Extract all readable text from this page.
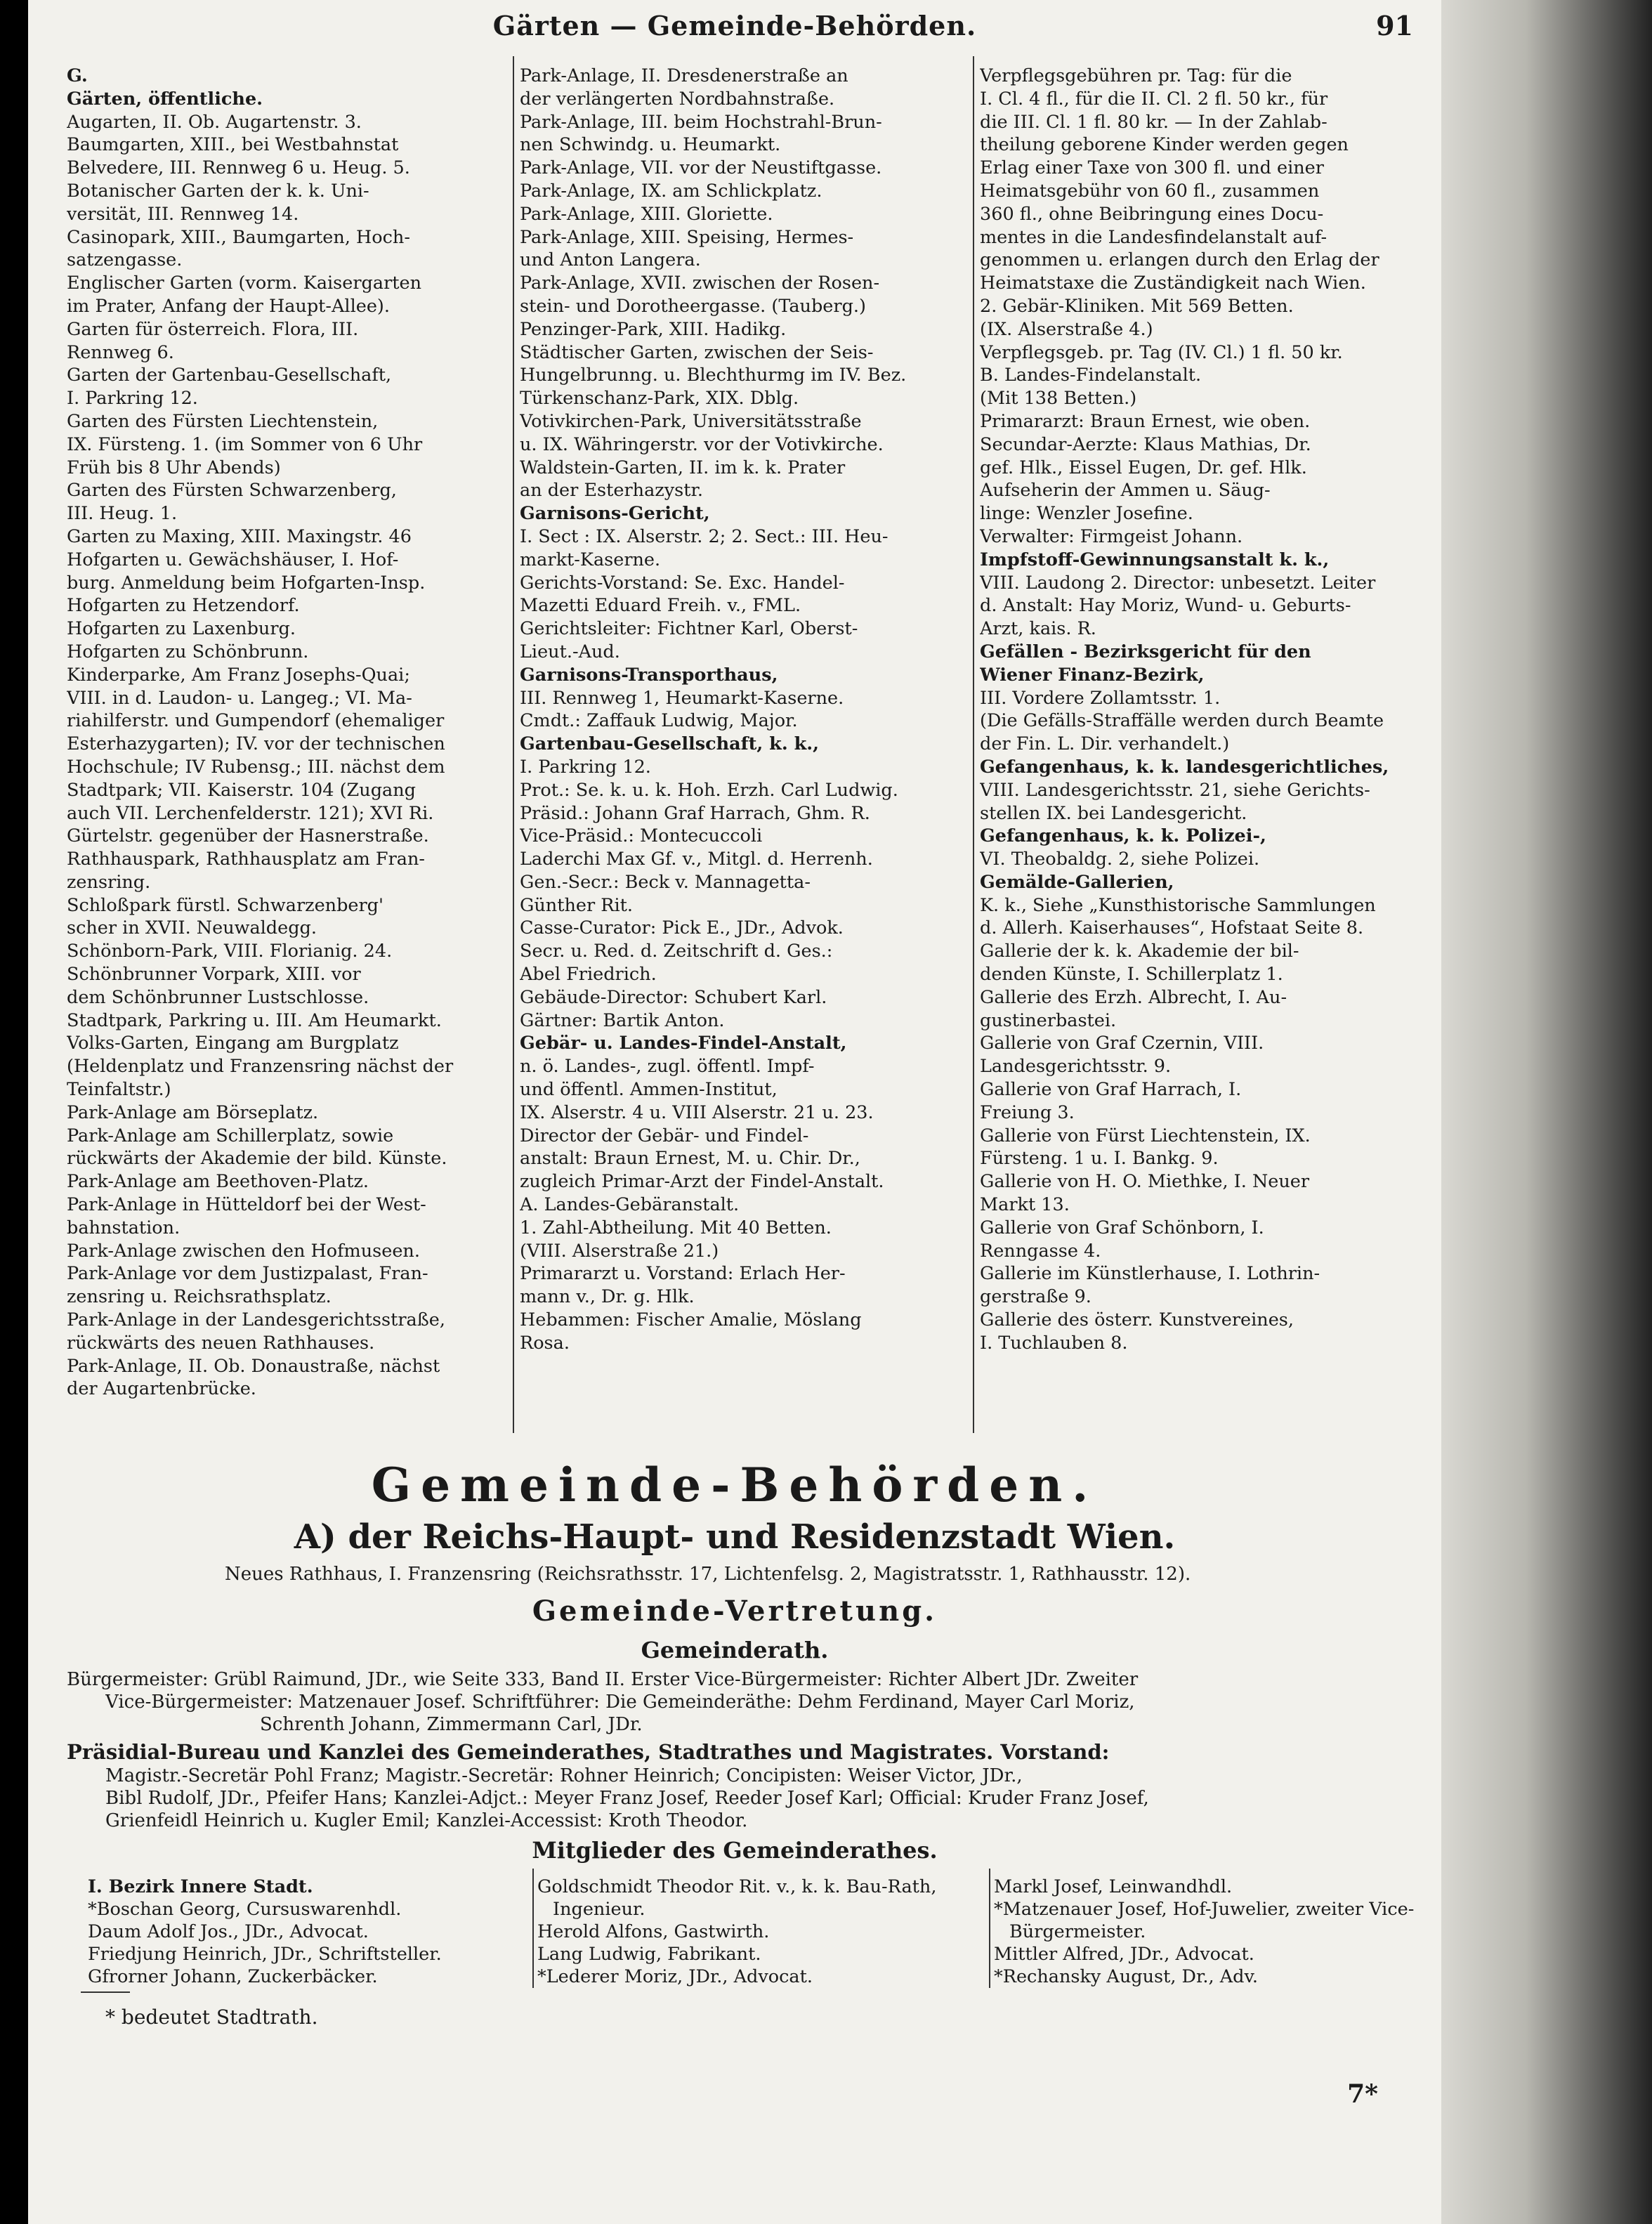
Gärten — Gemeinde-Behörden.	91

G.

Gärten, öffentliche.

Augarten, II. Ob. Augartenstr. 3.

Baumgarten, XIII., bei Westbahnstat

Belvedere, III. Rennweg 6 u. Heug. 5.

Botanischer Garten der k. k. Uni-

versität, III. Rennweg 14.

Casinopark, XIII., Baumgarten, Hoch-

satzengasse.

Englischer Garten (vorm. Kaisergarten

im Prater, Anfang der Haupt-Allee).

Garten für österreich. Flora, III.

Rennweg 6.

Garten der Gartenbau-Gesellschaft,

I. Parkring 12.

Garten des Fürsten Liechtenstein,

IX. Fürsteng. 1. (im Sommer von 6 Uhr

Früh bis 8 Uhr Abends)

Garten des Fürsten Schwarzenberg,

III. Heug. 1.

Garten zu Maxing, XIII. Maxingstr. 46

Hofgarten u. Gewächshäuser, I. Hof-

burg. Anmeldung beim Hofgarten-Insp.

Hofgarten zu Hetzendorf.

Hofgarten zu Laxenburg.

Hofgarten zu Schönbrunn.

Kinderparke, Am Franz Josephs-Quai;

VIII. in d. Laudon- u. Langeg.; VI. Ma-

riahilferstr. und Gumpendorf (ehemaliger

Esterhazygarten); IV. vor der technischen

Hochschule; IV Rubensg.; III. nächst dem

Stadtpark; VII. Kaiserstr. 104 (Zugang

auch VII. Lerchenfelderstr. 121); XVI Ri.

Gürtelstr. gegenüber der Hasnerstraße.

Rathhauspark, Rathhausplatz am Fran-

zensring.

Schloßpark fürstl. Schwarzenberg'

scher in XVII. Neuwaldegg.

Schönborn-Park, VIII. Florianig. 24.

Schönbrunner Vorpark, XIII. vor

dem Schönbrunner Lustschlosse.

Stadtpark, Parkring u. III. Am Heumarkt.

Volks-Garten, Eingang am Burgplatz

(Heldenplatz und Franzensring nächst der

Teinfaltstr.)

Park-Anlage am Börseplatz.

Park-Anlage am Schillerplatz, sowie

rückwärts der Akademie der bild. Künste.

Park-Anlage am Beethoven-Platz.

Park-Anlage in Hütteldorf bei der West-

bahnstation.

Park-Anlage zwischen den Hofmuseen.

Park-Anlage vor dem Justizpalast, Fran-

zensring u. Reichsrathsplatz.

Park-Anlage in der Landesgerichtsstraße,

rückwärts des neuen Rathhauses.

Park-Anlage, II. Ob. Donaustraße, nächst

der Augartenbrücke.

Park-Anlage, II. Dresdenerstraße an

der verlängerten Nordbahnstraße.

Park-Anlage, III. beim Hochstrahl-Brun-

nen Schwindg. u. Heumarkt.

Park-Anlage, VII. vor der Neustiftgasse.

Park-Anlage, IX. am Schlickplatz.

Park-Anlage, XIII. Gloriette.

Park-Anlage, XIII. Speising, Hermes-

und Anton Langera.

Park-Anlage, XVII. zwischen der Rosen-

stein- und Dorotheergasse. (Tauberg.)

Penzinger-Park, XIII. Hadikg.

Städtischer Garten, zwischen der Seis-

Hungelbrunng. u. Blechthurmg im IV. Bez.

Türkenschanz-Park, XIX. Dblg.

Votivkirchen-Park, Universitätsstraße

u. IX. Währingerstr. vor der Votivkirche.

Waldstein-Garten, II. im k. k. Prater

an der Esterhazystr.

Garnisons-Gericht,

I. Sect : IX. Alserstr. 2; 2. Sect.: III. Heu-

markt-Kaserne.

Gerichts-Vorstand: Se. Exc. Handel-

Mazetti Eduard Freih. v., FML.

Gerichtsleiter: Fichtner Karl, Oberst-

Lieut.-Aud.

Garnisons-Transporthaus,

III. Rennweg 1, Heumarkt-Kaserne.

Cmdt.: Zaffauk Ludwig, Major.

Gartenbau-Gesellschaft, k. k.,

I. Parkring 12.

Prot.: Se. k. u. k. Hoh. Erzh. Carl Ludwig.

Präsid.: Johann Graf Harrach, Ghm. R.

Vice-Präsid.: Montecuccoli

Laderchi Max Gf. v., Mitgl. d. Herrenh.

Gen.-Secr.: Beck v. Mannagetta-

Günther Rit.

Casse-Curator: Pick E., JDr., Advok.

Secr. u. Red. d. Zeitschrift d. Ges.:

Abel Friedrich.

Gebäude-Director: Schubert Karl.

Gärtner: Bartik Anton.

Gebär- u. Landes-Findel-Anstalt,

n. ö. Landes-, zugl. öffentl. Impf-

und öffentl. Ammen-Institut,

IX. Alserstr. 4 u. VIII Alserstr. 21 u. 23.

Director der Gebär- und Findel-

anstalt: Braun Ernest, M. u. Chir. Dr.,

zugleich Primar-Arzt der Findel-Anstalt.

A. Landes-Gebäranstalt.

1. Zahl-Abtheilung. Mit 40 Betten.

(VIII. Alserstraße 21.)

Primararzt u. Vorstand: Erlach Her-

mann v., Dr. g. Hlk.

Hebammen: Fischer Amalie, Möslang

Rosa.

Verpflegsgebühren pr. Tag: für die

I. Cl. 4 fl., für die II. Cl. 2 fl. 50 kr., für

die III. Cl. 1 fl. 80 kr. — In der Zahlab-

theilung geborene Kinder werden gegen

Erlag einer Taxe von 300 fl. und einer

Heimatsgebühr von 60 fl., zusammen

360 fl., ohne Beibringung eines Docu-

mentes in die Landesfindelanstalt auf-

genommen u. erlangen durch den Erlag der

Heimatstaxe die Zuständigkeit nach Wien.

2. Gebär-Kliniken. Mit 569 Betten.

(IX. Alserstraße 4.)

Verpflegsgeb. pr. Tag (IV. Cl.) 1 fl. 50 kr.

B. Landes-Findelanstalt.

(Mit 138 Betten.)

Primararzt: Braun Ernest, wie oben.

Secundar-Aerzte: Klaus Mathias, Dr.

gef. Hlk., Eissel Eugen, Dr. gef. Hlk.

Aufseherin der Ammen u. Säug-

linge: Wenzler Josefine.

Verwalter: Firmgeist Johann.

Impfstoff-Gewinnungsanstalt k. k.,

VIII. Laudong 2. Director: unbesetzt. Leiter

d. Anstalt: Hay Moriz, Wund- u. Geburts-

Arzt, kais. R.

Gefällen - Bezirksgericht für den

Wiener Finanz-Bezirk,

III. Vordere Zollamtsstr. 1.

(Die Gefälls-Straffälle werden durch Beamte

der Fin. L. Dir. verhandelt.)

Gefangenhaus, k. k. landesgerichtliches,

VIII. Landesgerichtsstr. 21, siehe Gerichts-

stellen IX. bei Landesgericht.

Gefangenhaus, k. k. Polizei-,

VI. Theobaldg. 2, siehe Polizei.

Gemälde-Gallerien,

K. k., Siehe „Kunsthistorische Sammlungen

d. Allerh. Kaiserhauses“, Hofstaat Seite 8.

Gallerie der k. k. Akademie der bil-

denden Künste, I. Schillerplatz 1.

Gallerie des Erzh. Albrecht, I. Au-

gustinerbastei.

Gallerie von Graf Czernin, VIII.

Landesgerichtsstr. 9.

Gallerie von Graf Harrach, I.

Freiung 3.

Gallerie von Fürst Liechtenstein, IX.

Fürsteng. 1 u. I. Bankg. 9.

Gallerie von H. O. Miethke, I. Neuer

Markt 13.

Gallerie von Graf Schönborn, I.

Renngasse 4.

Gallerie im Künstlerhause, I. Lothrin-

gerstraße 9.

Gallerie des österr. Kunstvereines,

I. Tuchlauben 8.

Gemeinde-Behörden.
A) der Reichs-Haupt- und Residenzstadt Wien.
Neues Rathhaus, I. Franzensring (Reichsrathsstr. 17, Lichtenfelsg. 2, Magistratsstr. 1, Rathhausstr. 12).
Gemeinde-Vertretung.
Gemeinderath.
Bürgermeister: Grübl Raimund, JDr., wie Seite 333, Band II. Erster Vice-Bürgermeister: Richter Albert JDr. Zweiter
Vice-Bürgermeister: Matzenauer Josef. Schriftführer: Die Gemeinderäthe: Dehm Ferdinand, Mayer Carl Moriz,
Schrenth Johann, Zimmermann Carl, JDr.
Präsidial-Bureau und Kanzlei des Gemeinderathes, Stadtrathes und Magistrates. Vorstand:
Magistr.-Secretär Pohl Franz; Magistr.-Secretär: Rohner Heinrich; Concipisten: Weiser Victor, JDr.,
Bibl Rudolf, JDr., Pfeifer Hans; Kanzlei-Adjct.: Meyer Franz Josef, Reeder Josef Karl; Official: Kruder Franz Josef,
Grienfeidl Heinrich u. Kugler Emil; Kanzlei-Accessist: Kroth Theodor.
Mitglieder des Gemeinderathes.

I. Bezirk Innere Stadt.

*Boschan Georg, Cursuswarenhdl.

Daum Adolf Jos., JDr., Advocat.

Friedjung Heinrich, JDr., Schriftsteller.

Gfrorner Johann, Zuckerbäcker.

Goldschmidt Theodor Rit. v., k. k. Bau-Rath,

Ingenieur.

Herold Alfons, Gastwirth.

Lang Ludwig, Fabrikant.

*Lederer Moriz, JDr., Advocat.

Markl Josef, Leinwandhdl.

*Matzenauer Josef, Hof-Juwelier, zweiter Vice-

Bürgermeister.

Mittler Alfred, JDr., Advocat.

*Rechansky August, Dr., Adv.

* bedeutet Stadtrath.
7*
